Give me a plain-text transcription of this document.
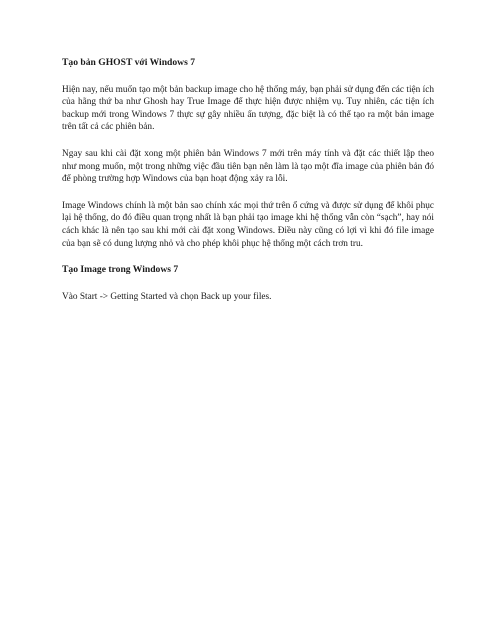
Tạo bản GHOST với Windows 7
Hiện nay, nếu muốn tạo một bản backup image cho hệ thống máy, bạn phải sử dụng đến các tiện ích của hãng thứ ba như Ghosh hay True Image để thực hiện được nhiệm vụ. Tuy nhiên, các tiện ích backup mới trong Windows 7 thực sự gây nhiều ấn tượng, đặc biệt là có thể tạo ra một bản image trên tất cả các phiên bản.
Ngay sau khi cài đặt xong một phiên bản Windows 7 mới trên máy tính và đặt các thiết lập theo như mong muốn, một trong những việc đầu tiên bạn nên làm là tạo một đĩa image của phiên bản đó để phòng trường hợp Windows của bạn hoạt động xảy ra lỗi.
Image Windows chính là một bản sao chính xác mọi thứ trên ổ cứng và được sử dụng để khôi phục lại hệ thống, do đó điều quan trọng nhất là bạn phải tạo image khi hệ thống vẫn còn “sạch”, hay nói cách khác là nên tạo sau khi mới cài đặt xong Windows. Điều này cũng có lợi vì khi đó file image của bạn sẽ có dung lượng nhỏ và cho phép khôi phục hệ thống một cách trơn tru.
Tạo Image trong Windows 7
Vào Start -> Getting Started và chọn Back up your files.
